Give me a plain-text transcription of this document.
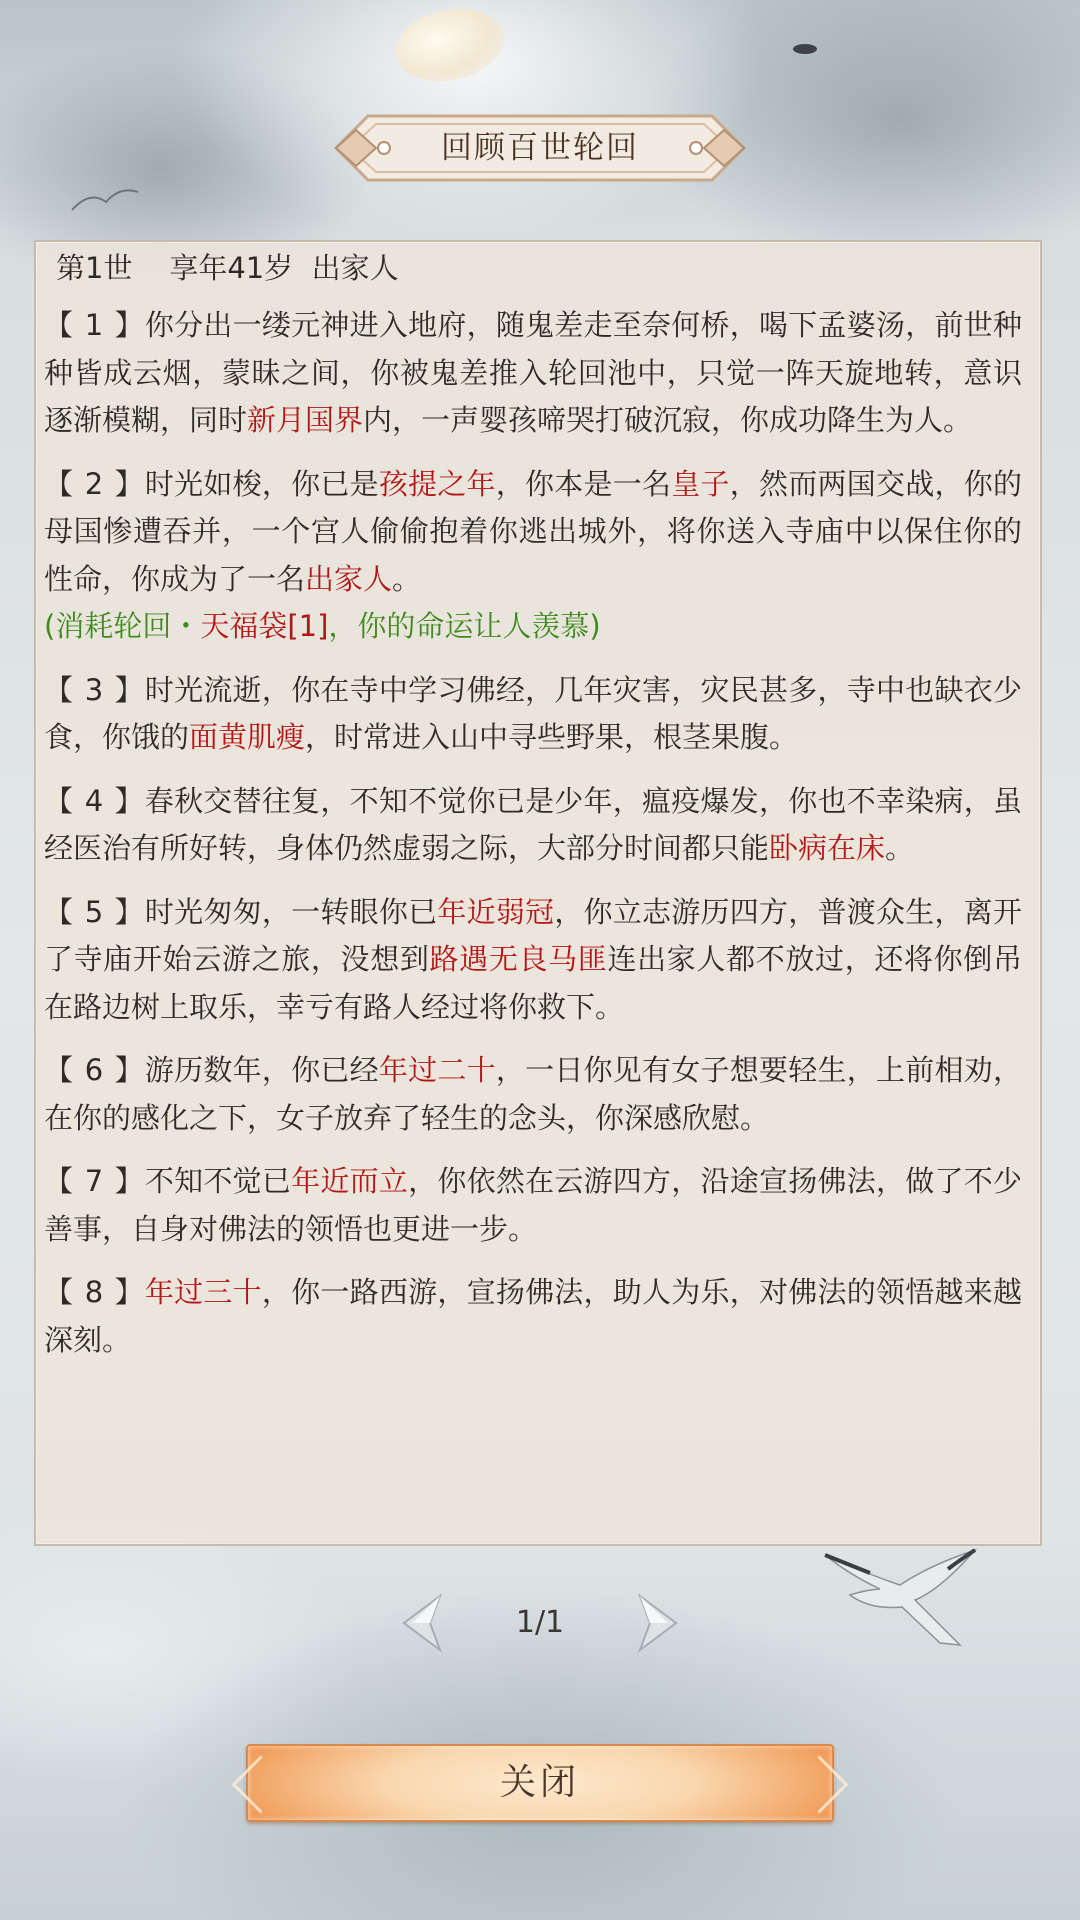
回顾百世轮回

第1世 享年41岁 出家人

【 1 】你分出一缕元神进入地府，随鬼差走至奈何桥，喝下孟婆汤，前世种种皆成云烟，蒙昧之间，你被鬼差推入轮回池中，只觉一阵天旋地转，意识逐渐模糊，同时新月国界内，一声婴孩啼哭打破沉寂，你成功降生为人。

【 2 】时光如梭，你已是孩提之年，你本是一名皇子，然而两国交战，你的母国惨遭吞并，一个宫人偷偷抱着你逃出城外，将你送入寺庙中以保住你的性命，你成为了一名出家人。
(消耗轮回・天福袋[1]，你的命运让人羡慕)

【 3 】时光流逝，你在寺中学习佛经，几年灾害，灾民甚多，寺中也缺衣少食，你饿的面黄肌瘦，时常进入山中寻些野果，根茎果腹。

【 4 】春秋交替往复，不知不觉你已是少年，瘟疫爆发，你也不幸染病，虽经医治有所好转，身体仍然虚弱之际，大部分时间都只能卧病在床。

【 5 】时光匆匆，一转眼你已年近弱冠，你立志游历四方，普渡众生，离开了寺庙开始云游之旅，没想到路遇无良马匪连出家人都不放过，还将你倒吊在路边树上取乐，幸亏有路人经过将你救下。

【 6 】游历数年，你已经年过二十，一日你见有女子想要轻生，上前相劝，在你的感化之下，女子放弃了轻生的念头，你深感欣慰。

【 7 】不知不觉已年近而立，你依然在云游四方，沿途宣扬佛法，做了不少善事，自身对佛法的领悟也更进一步。

【 8 】年过三十，你一路西游，宣扬佛法，助人为乐，对佛法的领悟越来越深刻。

1/1
关闭
